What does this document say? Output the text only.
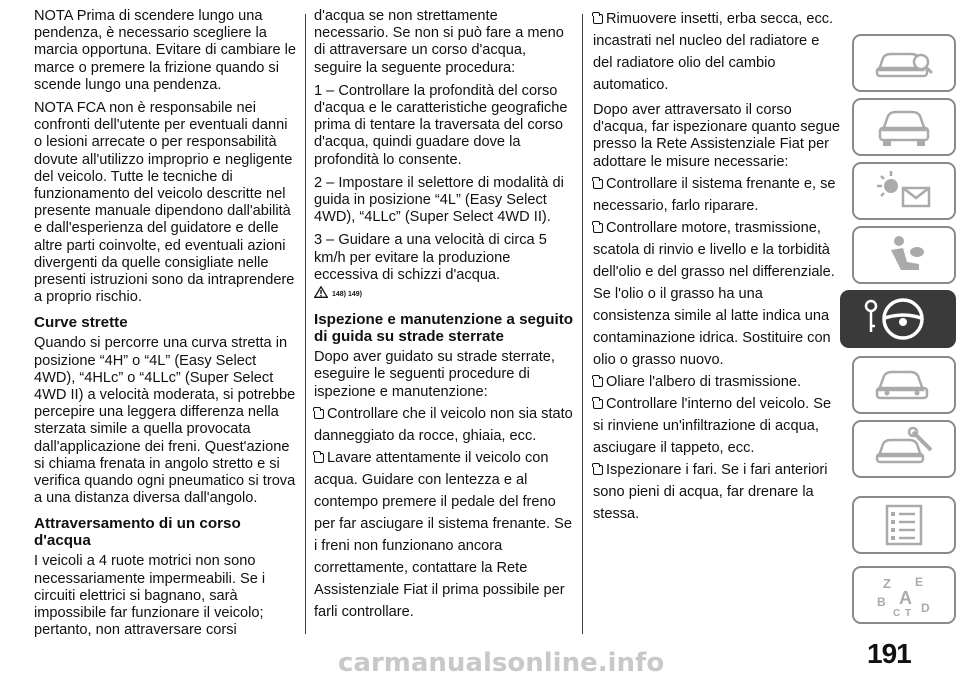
NOTA Prima di scendere lungo una pendenza, è necessario scegliere la marcia opportuna. Evitare di cambiare le marce o premere la frizione quando si scende lungo una pendenza.

NOTA FCA non è responsabile nei confronti dell'utente per eventuali danni o lesioni arrecate o per responsabilità dovute all'utilizzo improprio e negligente del veicolo. Tutte le tecniche di funzionamento del veicolo descritte nel presente manuale dipendono dall'abilità e dall'esperienza del guidatore e delle altre parti coinvolte, ed eventuali azioni divergenti da quelle consigliate nelle presenti istruzioni sono da intraprendere a proprio rischio.

Curve strette

Quando si percorre una curva stretta in posizione “4H” o “4L” (Easy Select 4WD), “4HLc” o “4LLc” (Super Select 4WD II) a velocità moderata, si potrebbe percepire una leggera differenza nella sterzata simile a quella provocata dall'applicazione dei freni. Quest'azione si chiama frenata in angolo stretto e si verifica quando ogni pneumatico si trova a una distanza diversa dall'angolo.

Attraversamento di un corso d'acqua

I veicoli a 4 ruote motrici non sono necessariamente impermeabili. Se i circuiti elettrici si bagnano, sarà impossibile far funzionare il veicolo; pertanto, non attraversare corsi

d'acqua se non strettamente necessario. Se non si può fare a meno di attraversare un corso d'acqua, seguire la seguente procedura:

1 – Controllare la profondità del corso d'acqua e le caratteristiche geografiche prima di tentare la traversata del corso d'acqua, quindi guadare dove la profondità lo consente.

2 – Impostare il selettore di modalità di guida in posizione “4L” (Easy Select 4WD), “4LLc” (Super Select 4WD II).

3 – Guidare a una velocità di circa 5 km/h per evitare la produzione eccessiva di schizzi d'acqua.

148) 149)
Ispezione e manutenzione a seguito di guida su strade sterrate

Dopo aver guidato su strade sterrate, eseguire le seguenti procedure di ispezione e manutenzione:

Controllare che il veicolo non sia stato danneggiato da rocce, ghiaia, ecc.
Lavare attentamente il veicolo con acqua. Guidare con lentezza e al contempo premere il pedale del freno per far asciugare il sistema frenante. Se i freni non funzionano ancora correttamente, contattare la Rete Assistenziale Fiat il prima possibile per farli controllare.
Rimuovere insetti, erba secca, ecc. incastrati nel nucleo del radiatore e del radiatore olio del cambio automatico.

Dopo aver attraversato il corso d'acqua, far ispezionare quanto segue presso la Rete Assistenziale Fiat per adottare le misure necessarie:

Controllare il sistema frenante e, se necessario, farlo riparare.
Controllare motore, trasmissione, scatola di rinvio e livello e la torbidità dell'olio e del grasso nel differenziale. Se l'olio o il grasso ha una consistenza simile al latte indica una contaminazione idrica. Sostituire con olio o grasso nuovo.
Oliare l'albero di trasmissione.
Controllare l'interno del veicolo. Se si rinviene un'infiltrazione di acqua, asciugare il tappeto, ecc.
Ispezionare i fari. Se i fari anteriori sono pieni di acqua, far drenare la stessa.
Z E
B A
C T D
191
carmanualsonline.info
